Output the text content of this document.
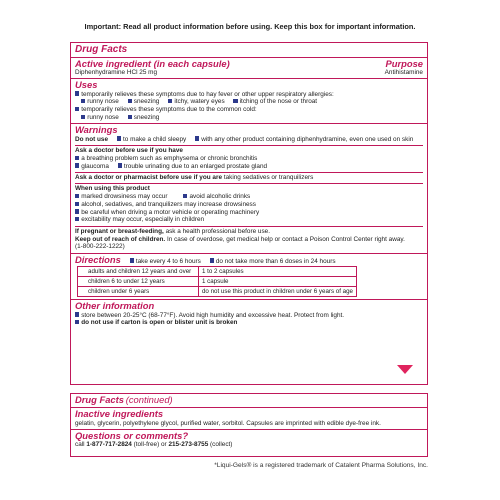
Important: Read all product information before using. Keep this box for important information.
Drug Facts
Active ingredient (in each capsule)	Purpose
Diphenhydramine HCl 25 mg	Antihistamine
Uses
temporarily relieves these symptoms due to hay fever or other upper respiratory allergies:
runny nose sneezing itchy, watery eyes itching of the nose or throat
temporarily relieves these symptoms due to the common cold:
runny nose sneezing
Warnings
Do not use to make a child sleepy with any other product containing diphenhydramine, even one used on skin
Ask a doctor before use if you have
a breathing problem such as emphysema or chronic bronchitis
glaucoma trouble urinating due to an enlarged prostate gland
Ask a doctor or pharmacist before use if you are taking sedatives or tranquilizers
When using this product
marked drowsiness may occur	avoid alcoholic drinks
alcohol, sedatives, and tranquilizers may increase drowsiness
be careful when driving a motor vehicle or operating machinery
excitability may occur, especially in children
If pregnant or breast-feeding, ask a health professional before use.
Keep out of reach of children. In case of overdose, get medical help or contact a Poison Control Center right away.
(1-800-222-1222)
Directions take every 4 to 6 hours do not take more than 6 doses in 24 hours
adults and children 12 years and over	1 to 2 capsules
children 6 to under 12 years	1 capsule
children under 6 years	do not use this product in children under 6 years of age
Other information
store between 20-25°C (68-77°F). Avoid high humidity and excessive heat. Protect from light.
do not use if carton is open or blister unit is broken
Drug Facts (continued)
Inactive ingredients
gelatin, glycerin, polyethylene glycol, purified water, sorbitol. Capsules are imprinted with edible dye-free ink.
Questions or comments?
call 1-877-717-2824 (toll-free) or 215-273-8755 (collect)
*Liqui-Gels® is a registered trademark of Catalent Pharma Solutions, Inc.
